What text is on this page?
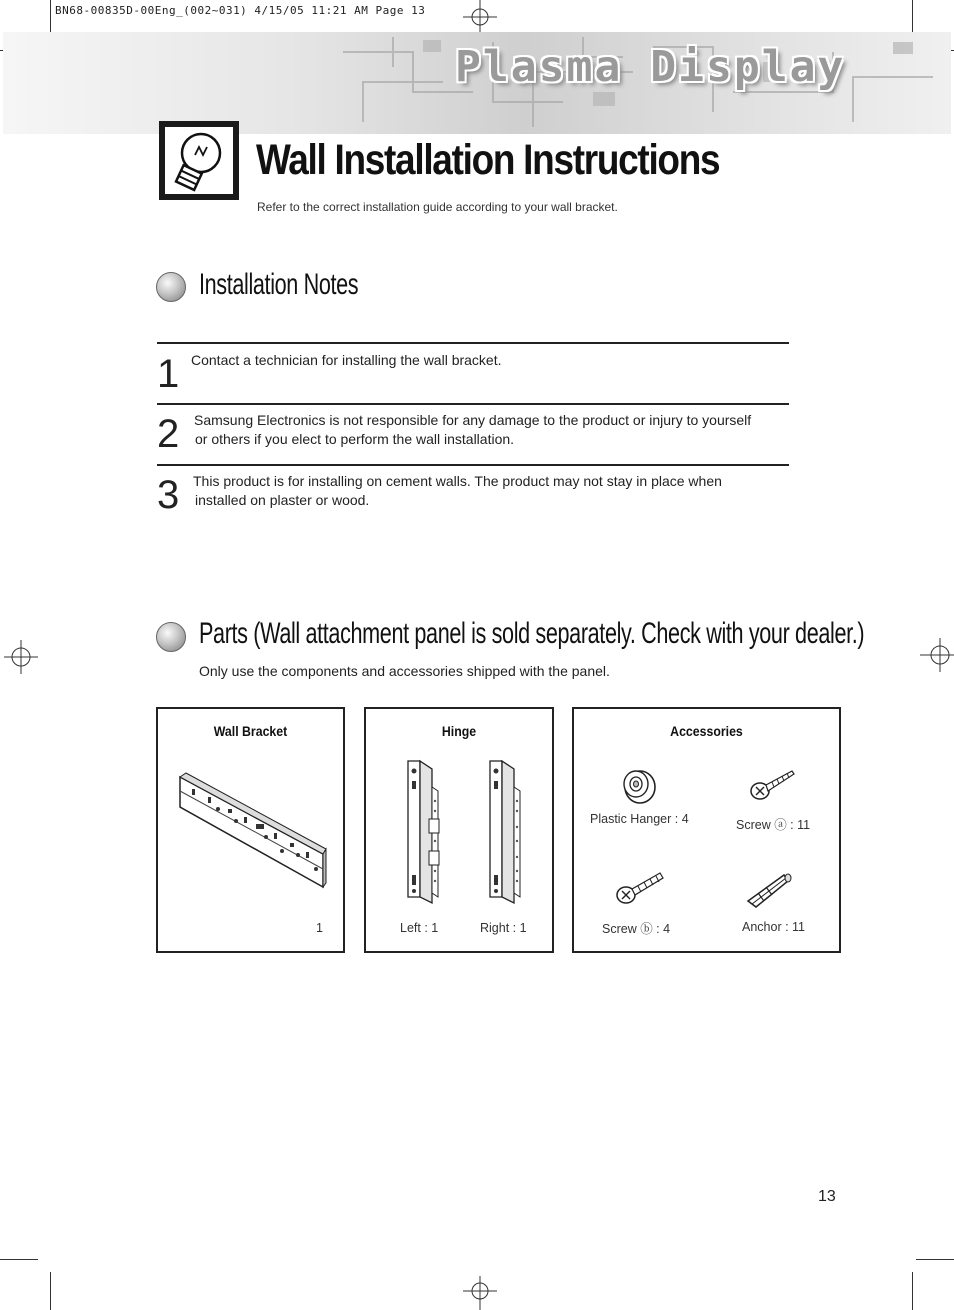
BN68-00835D-00Eng_(002~031) 4/15/05 11:21 AM Page 13
Plasma Display
Wall Installation Instructions
Refer to the correct installation guide according to your wall bracket.
Installation Notes
1 Contact a technician for installing the wall bracket.
2 Samsung Electronics is not responsible for any damage to the product or injury to yourself
or others if you elect to perform the wall installation.
3 This product is for installing on cement walls. The product may not stay in place when
installed on plaster or wood.
Parts (Wall attachment panel is sold separately. Check with your dealer.)
Only use the components and accessories shipped with the panel.
Wall Bracket
1
Hinge
Left : 1	Right : 1
Accessories
Plastic Hanger : 4	Screw ⓐ : 11
Screw ⓑ : 4	Anchor : 11
13
